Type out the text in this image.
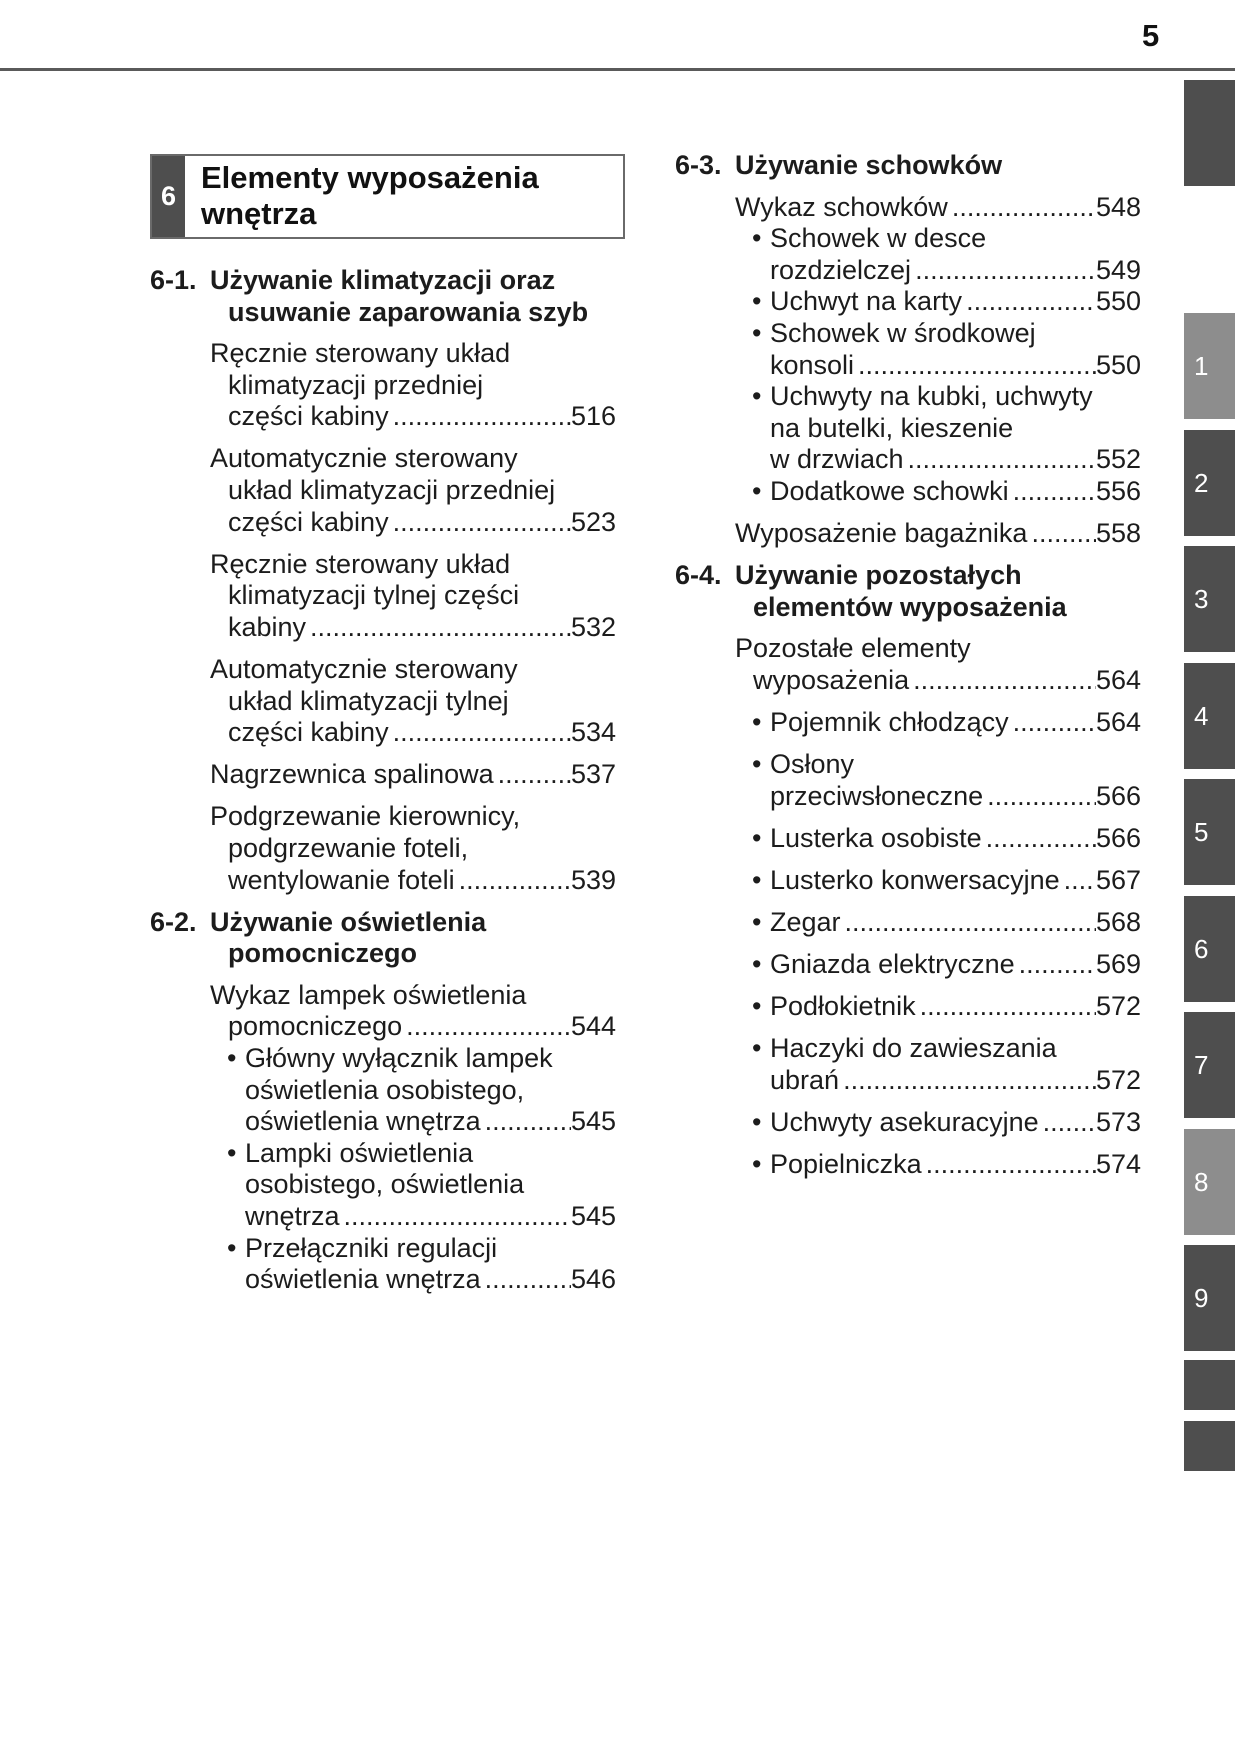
5
1
2
3
4
5
6
7
8
9
6
Elementy wyposażenia
wnętrza
6-1. Używanie klimatyzacji oraz
usuwanie zaparowania szyb
Ręcznie sterowany układ
klimatyzacji przedniej
części kabiny .....	516
Automatycznie sterowany
układ klimatyzacji przedniej
części kabiny .....	523
Ręcznie sterowany układ
klimatyzacji tylnej części
kabiny .....	532
Automatycznie sterowany
układ klimatyzacji tylnej
części kabiny .....	534
Nagrzewnica spalinowa .....	537
Podgrzewanie kierownicy,
podgrzewanie foteli,
wentylowanie foteli .....	539
6-2. Używanie oświetlenia
pomocniczego
Wykaz lampek oświetlenia
pomocniczego .....	544
• Główny wyłącznik lampek
oświetlenia osobistego,
oświetlenia wnętrza .....	545
• Lampki oświetlenia
osobistego, oświetlenia
wnętrza .....	545
• Przełączniki regulacji
oświetlenia wnętrza .....	546
6-3. Używanie schowków
Wykaz schowków .....	548
• Schowek w desce
rozdzielczej .....	549
• Uchwyt na karty .....	550
• Schowek w środkowej
konsoli .....	550
• Uchwyty na kubki, uchwyty
na butelki, kieszenie
w drzwiach .....	552
• Dodatkowe schowki .....	556
Wyposażenie bagażnika .....	558
6-4. Używanie pozostałych
elementów wyposażenia
Pozostałe elementy
wyposażenia .....	564
• Pojemnik chłodzący .....	564
• Osłony
przeciwsłoneczne .....	566
• Lusterka osobiste .....	566
• Lusterko konwersacyjne ..... 567
• Zegar .....	568
• Gniazda elektryczne .....	569
• Podłokietnik .....	572
• Haczyki do zawieszania
ubrań .....	572
• Uchwyty asekuracyjne ..... 573
• Popielniczka .....	574
